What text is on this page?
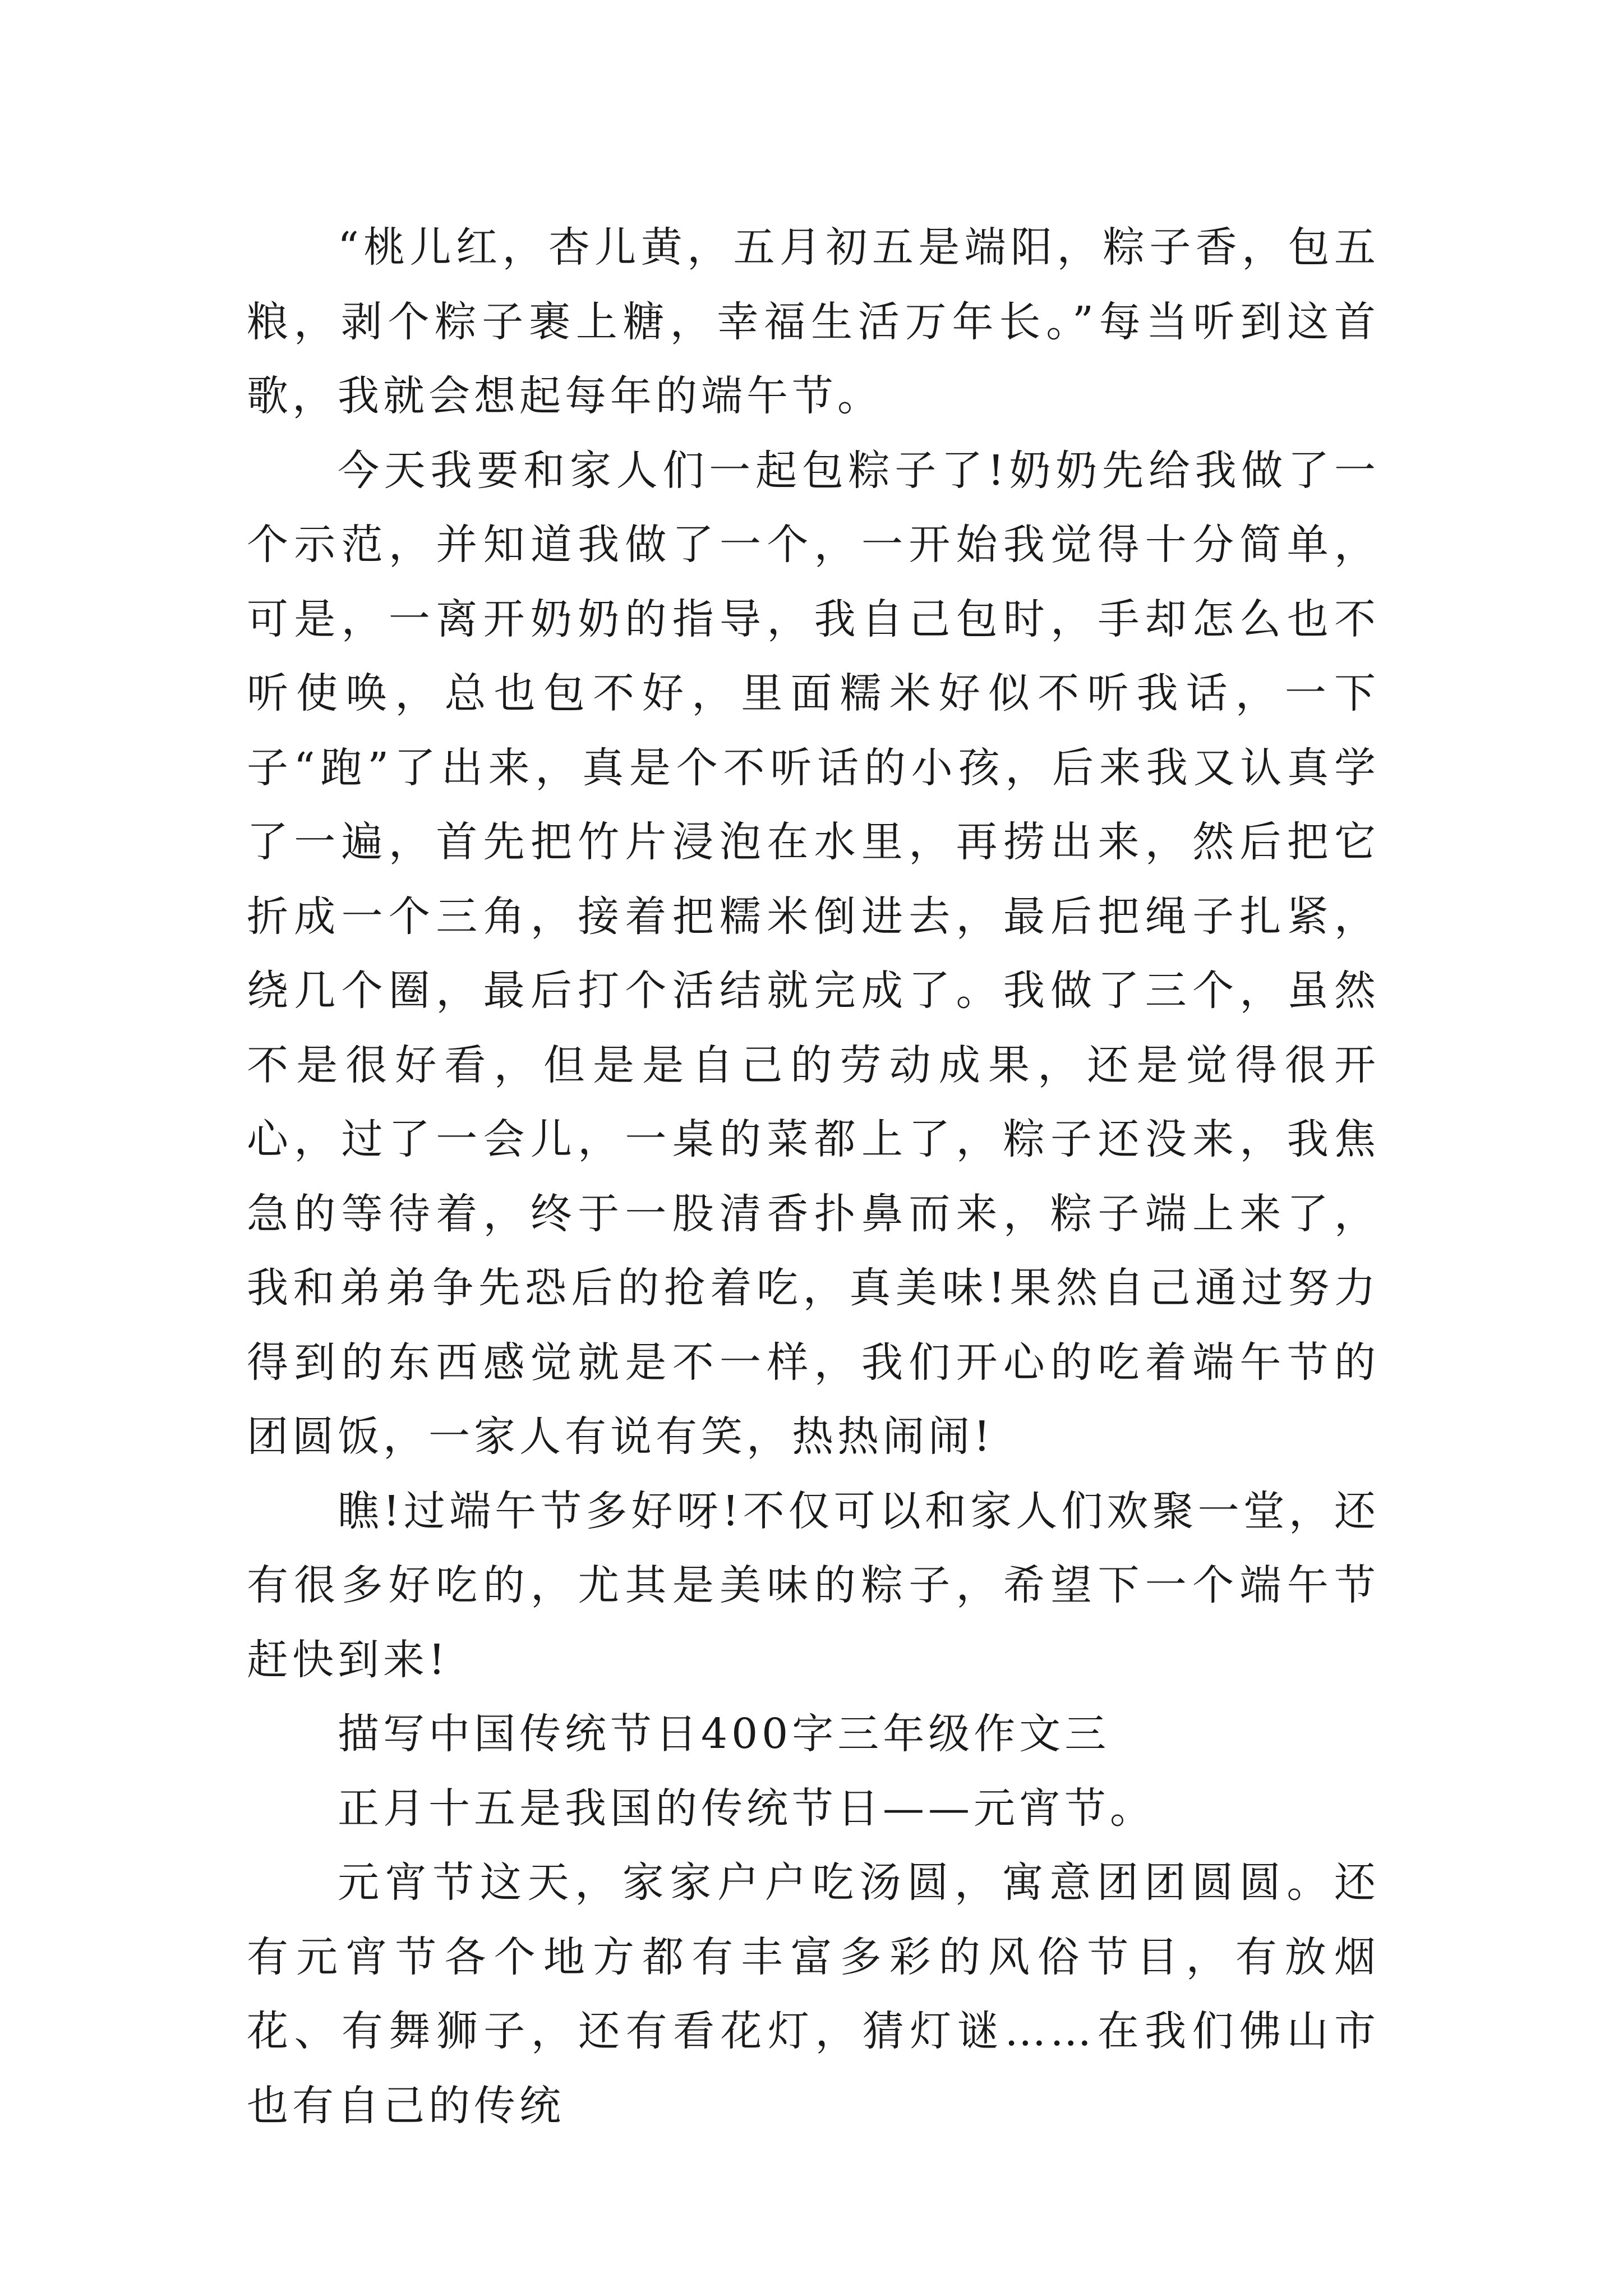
“桃儿红，杏儿黄，五月初五是端阳，粽子香，包五粮，剥个粽子裹上糖，幸福生活万年长。”每当听到这首歌，我就会想起每年的端午节。

今天我要和家人们一起包粽子了!奶奶先给我做了一个示范，并知道我做了一个，一开始我觉得十分简单，可是，一离开奶奶的指导，我自己包时，手却怎么也不听使唤，总也包不好，里面糯米好似不听我话，一下子“跑”了出来，真是个不听话的小孩，后来我又认真学了一遍，首先把竹片浸泡在水里，再捞出来，然后把它折成一个三角，接着把糯米倒进去，最后把绳子扎紧，绕几个圈，最后打个活结就完成了。我做了三个，虽然不是很好看，但是是自己的劳动成果，还是觉得很开心，过了一会儿，一桌的菜都上了，粽子还没来，我焦急的等待着，终于一股清香扑鼻而来，粽子端上来了，我和弟弟争先恐后的抢着吃，真美味!果然自己通过努力得到的东西感觉就是不一样，我们开心的吃着端午节的团圆饭，一家人有说有笑，热热闹闹!

瞧!过端午节多好呀!不仅可以和家人们欢聚一堂，还有很多好吃的，尤其是美味的粽子，希望下一个端午节赶快到来!

描写中国传统节日400字三年级作文三

正月十五是我国的传统节日——元宵节。

元宵节这天，家家户户吃汤圆，寓意团团圆圆。还有元宵节各个地方都有丰富多彩的风俗节目，有放烟花、有舞狮子，还有看花灯，猜灯谜……在我们佛山市也有自己的传统
